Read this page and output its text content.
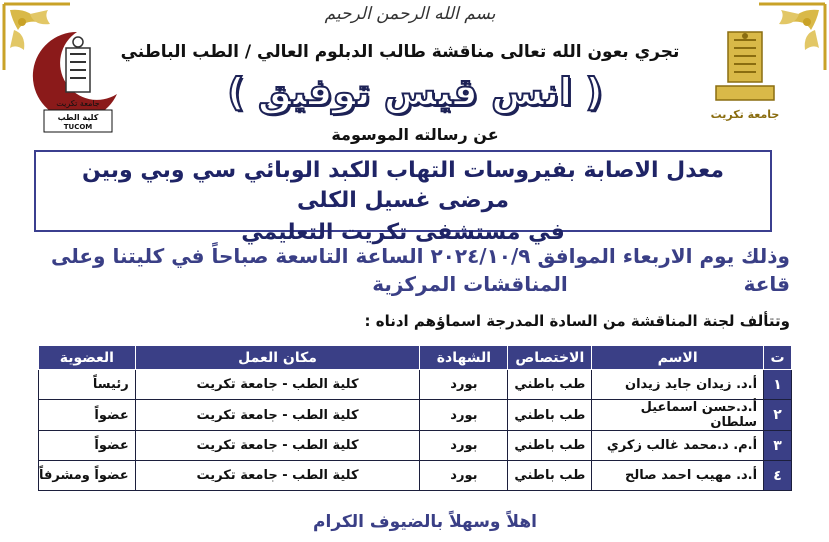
بسم الله الرحمن الرحيم
جامعة تكريت
كلية الطب
TUCOM
جامعة تكريت
تجري بعون الله تعالى مناقشة طالب الدبلوم العالي / الطب الباطني
( انس قيس توفيق )
عن رسالته الموسومة
معدل الاصابة بفيروسات التهاب الكبد الوبائي سي وبي وبين مرضى غسيل الكلى
في مستشفى تكريت التعليمي
وذلك يوم الاربعاء الموافق ٢٠٢٤/١٠/٩ الساعة التاسعة صباحاً في كليتنا وعلى قاعة
المناقشات المركزية
وتتألف لجنة المناقشة من السادة المدرجة اسماؤهم ادناه :
ت	الاسم	الاختصاص	الشهادة	مكان العمل	العضوية
١	أ.د. زيدان جايد زيدان	طب باطني	بورد	كلية الطب - جامعة تكريت	رئيساً
٢	أ.د.حسن اسماعيل سلطان	طب باطني	بورد	كلية الطب - جامعة تكريت	عضواً
٣	أ.م. د.محمد غالب زكري	طب باطني	بورد	كلية الطب - جامعة تكريت	عضواً
٤	أ.د. مهيب احمد صالح	طب باطني	بورد	كلية الطب - جامعة تكريت	عضواً ومشرفاً
اهلاً وسهلاً بالضيوف الكرام
